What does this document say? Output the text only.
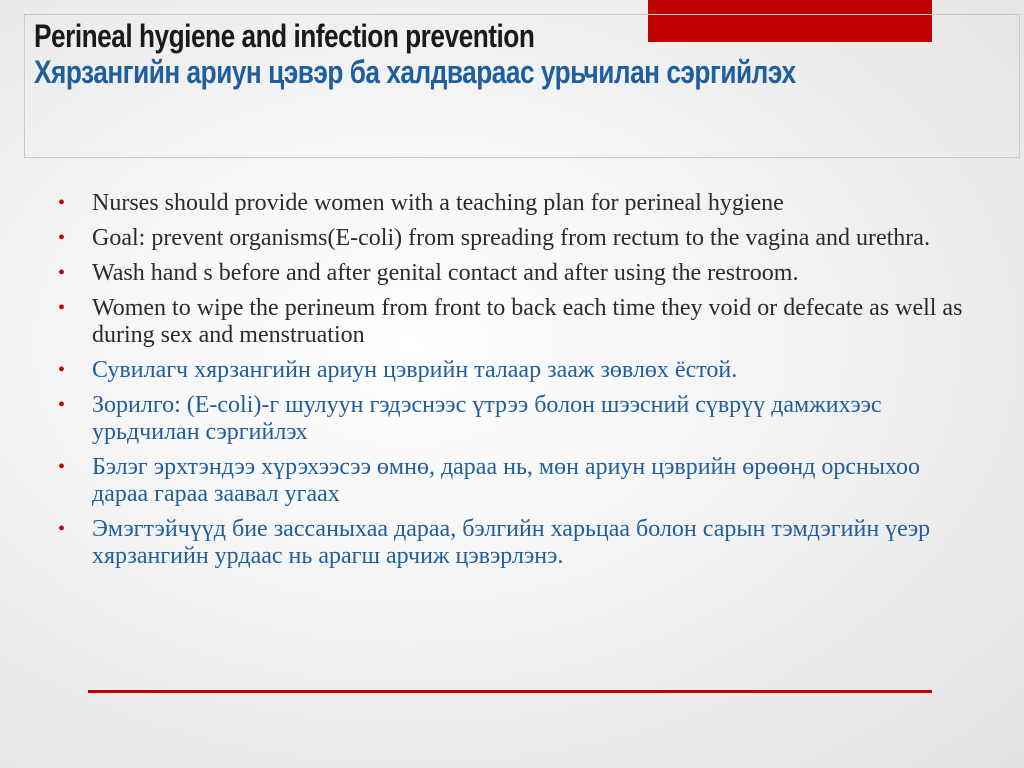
Perineal hygiene and infection prevention
Хярзангийн ариун цэвэр ба халдвараас урьчилан сэргийлэх
• Nurses should provide women with a teaching plan for perineal hygiene
• Goal: prevent organisms(E-coli) from spreading from rectum to the vagina and urethra.
• Wash hand s before and after genital contact and after using the restroom.
• Women to wipe the perineum from front to back each time they void or defecate as well as during sex and menstruation
• Сувилагч хярзангийн ариун цэврийн талаар зааж зөвлөх ёстой.
• Зорилго: (E-coli)-г шулуун гэдэснээс үтрээ болон шээсний сүврүү дамжихээс урьдчилан сэргийлэх
• Бэлэг эрхтэндээ хүрэхээсээ өмнө, дараа нь, мөн ариун цэврийн өрөөнд орсныхоо дараа гараа заавал угаах
• Эмэгтэйчүүд бие зассаныхаа дараа, бэлгийн харьцаа болон сарын тэмдэгийн үеэр хярзангийн урдаас нь арагш арчиж цэвэрлэнэ.
